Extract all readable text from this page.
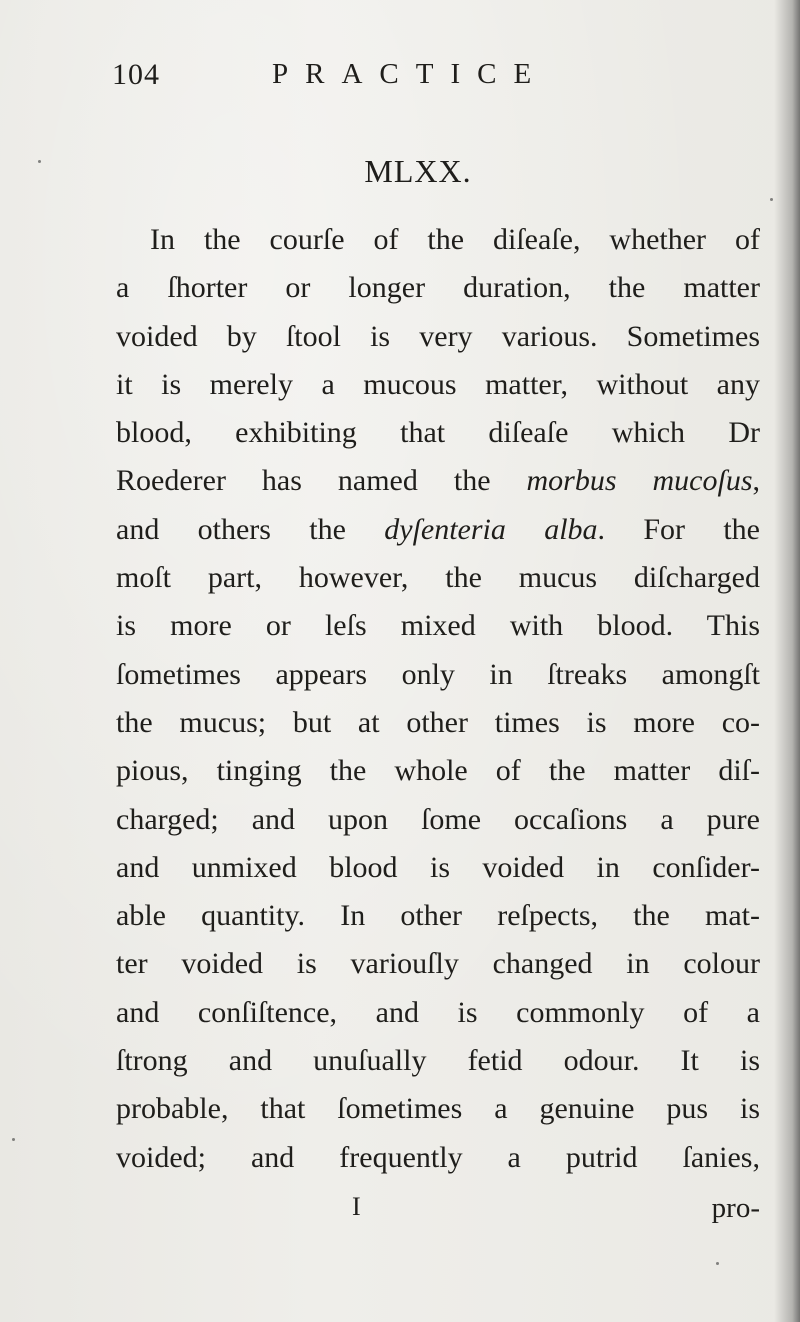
104	PRACTICE
MLXX.
In the courſe of the diſeaſe, whether of
a ſhorter or longer duration, the matter
voided by ſtool is very various. Sometimes
it is merely a mucous matter, without any
blood, exhibiting that diſeaſe which Dr
Roederer has named the morbus mucoſus,
and others the dyſenteria alba. For the
moſt part, however, the mucus diſcharged
is more or leſs mixed with blood. This
ſometimes appears only in ſtreaks amongſt
the mucus; but at other times is more co-
pious, tinging the whole of the matter diſ-
charged; and upon ſome occaſions a pure
and unmixed blood is voided in conſider-
able quantity. In other reſpects, the mat-
ter voided is variouſly changed in colour
and conſiſtence, and is commonly of a
ſtrong and unuſually fetid odour. It is
probable, that ſometimes a genuine pus is
voided; and frequently a putrid ſanies,
I	pro-
